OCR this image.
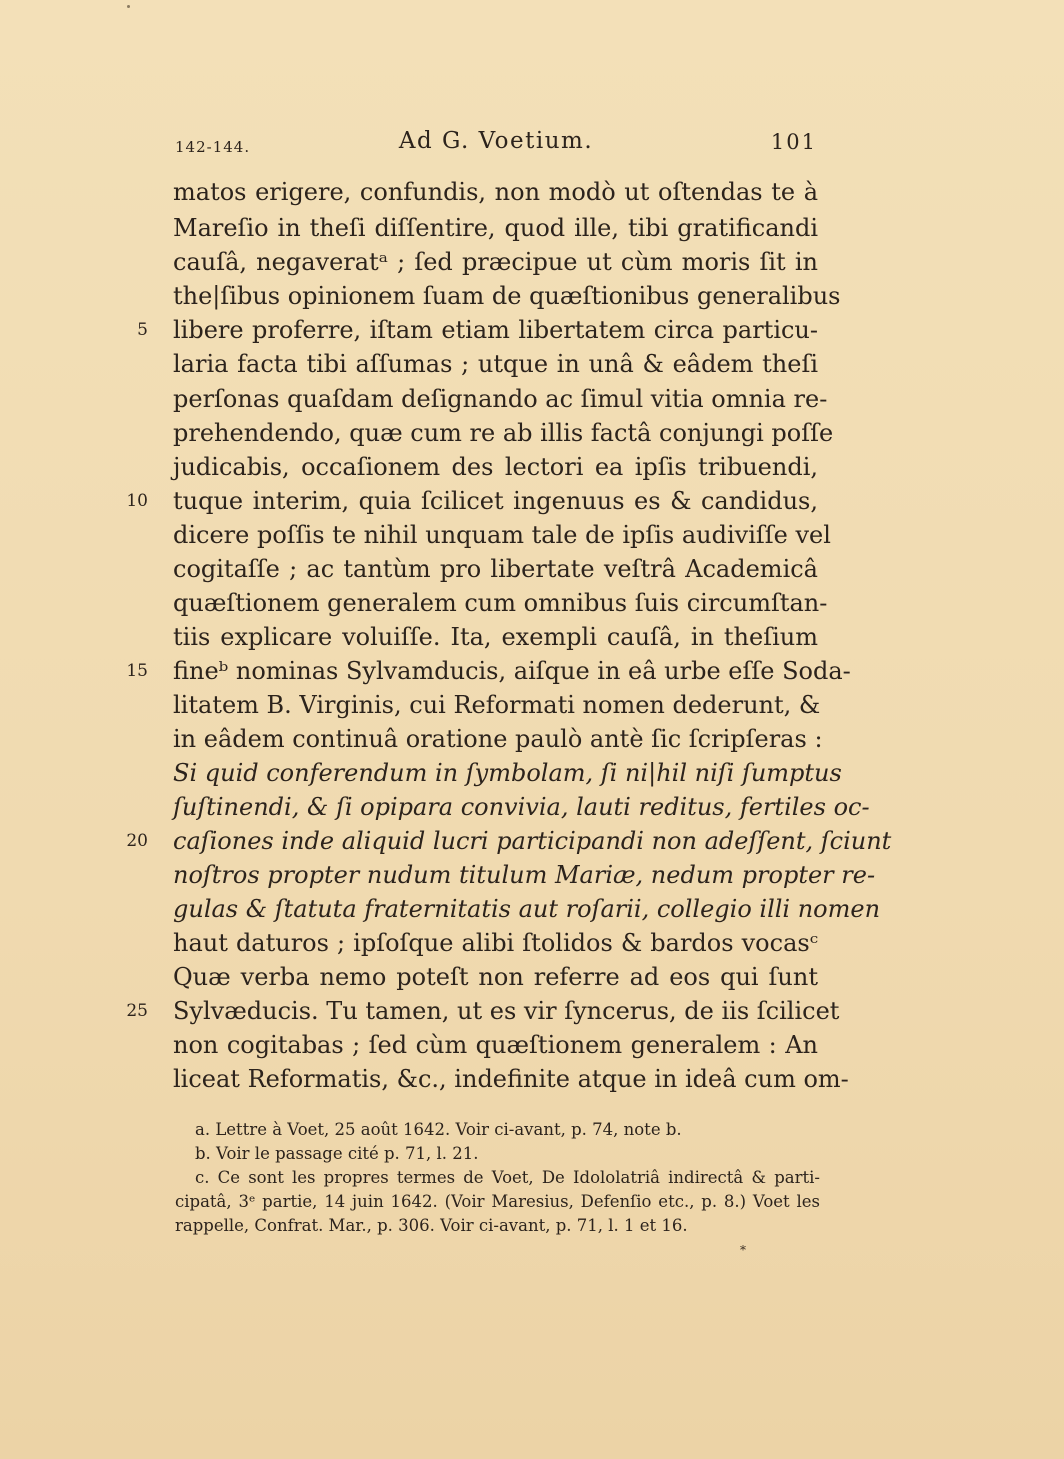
142-144.	Ad G. Voetium.	101
matos erigere, confundis, non modò ut oſtendas te à
Mareſio in theſi diſſentire, quod ille, tibi gratificandi
cauſâ, negaveratᵃ ; ſed præcipue ut cùm moris ſit in
the|ſibus opinionem ſuam de quæſtionibus generalibus
5 libere proferre, iſtam etiam libertatem circa particu-
laria facta tibi aſſumas ; utque in unâ & eâdem theſi
perſonas quaſdam deſignando ac ſimul vitia omnia re-
prehendendo, quæ cum re ab illis factâ conjungi poſſe
judicabis, occaſionem des lectori ea ipſis tribuendi,
10 tuque interim, quia ſcilicet ingenuus es & candidus,
dicere poſſis te nihil unquam tale de ipſis audiviſſe vel
cogitaſſe ; ac tantùm pro libertate veſtrâ Academicâ
quæſtionem generalem cum omnibus ſuis circumſtan-
tiis explicare voluiſſe. Ita, exempli cauſâ, in theſium
15 fineᵇ nominas Sylvamducis, aiſque in eâ urbe eſſe Soda-
litatem B. Virginis, cui Reformati nomen dederunt, &
in eâdem continuâ oratione paulò antè ſic ſcripſeras :
Si quid conferendum in ſymbolam, ſi ni|hil niſi ſumptus
ſuſtinendi, & ſi opipara convivia, lauti reditus, fertiles oc-
20 caſiones inde aliquid lucri participandi non adeſſent, ſciunt
noſtros propter nudum titulum Mariæ, nedum propter re-
gulas & ſtatuta fraternitatis aut roſarii, collegio illi nomen
haut daturos ; ipſoſque alibi ſtolidos & bardos vocasᶜ
Quæ verba nemo poteſt non referre ad eos qui ſunt
25 Sylvæducis. Tu tamen, ut es vir ſyncerus, de iis ſcilicet
non cogitabas ; ſed cùm quæſtionem generalem : An
liceat Reformatis, &c., indefinite atque in ideâ cum om-
a. Lettre à Voet, 25 août 1642. Voir ci-avant, p. 74, note b.
b. Voir le passage cité p. 71, l. 21.
c. Ce sont les propres termes de Voet, De Idololatriâ indirectâ & parti-
cipatâ, 3ᵉ partie, 14 juin 1642. (Voir Maresius, Defenſio etc., p. 8.) Voet les
rappelle, Confrat. Mar., p. 306. Voir ci-avant, p. 71, l. 1 et 16.
*
